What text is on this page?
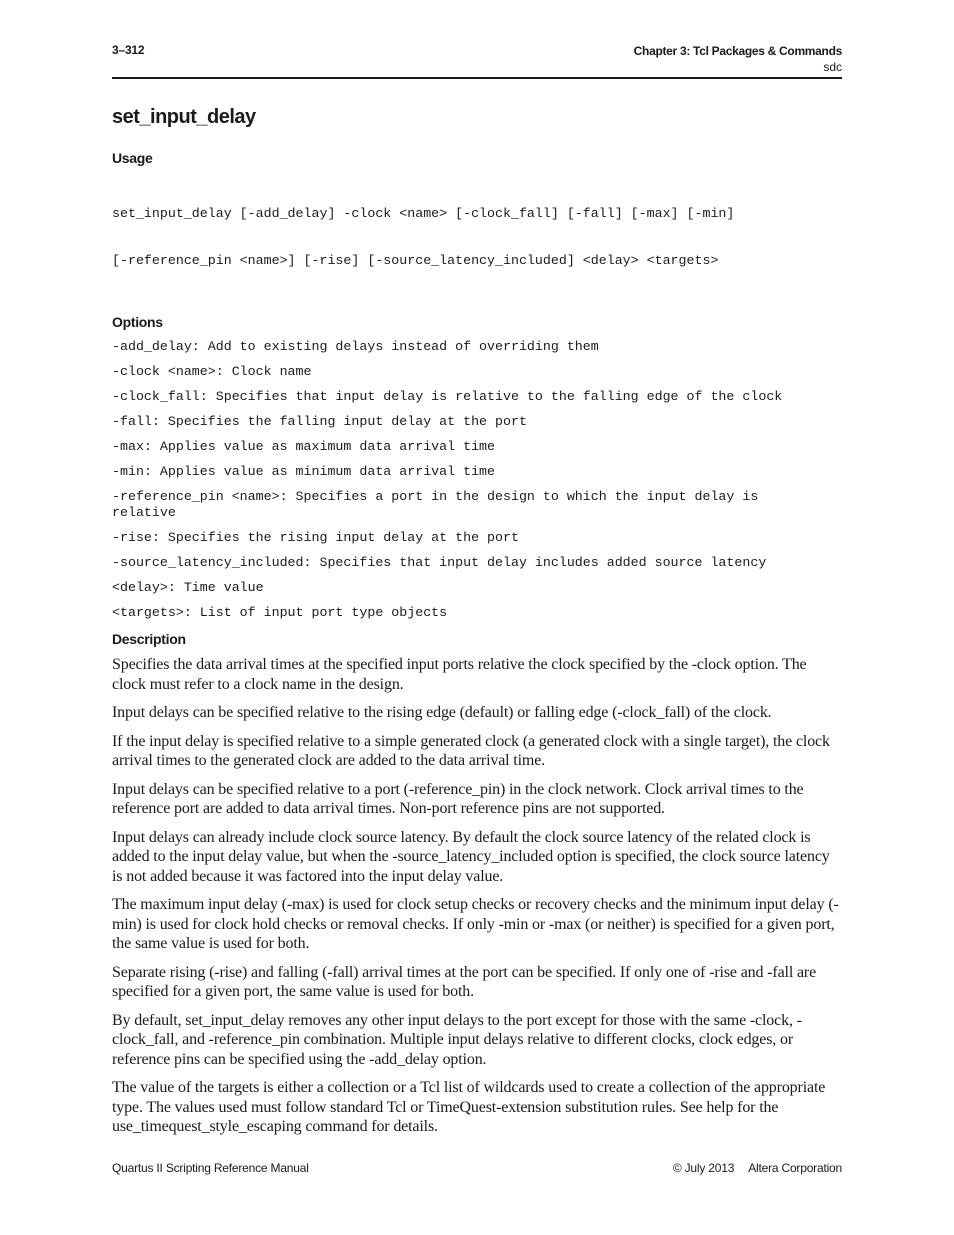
3–312	Chapter 3: Tcl Packages & Commands
sdc
set_input_delay
Usage

set_input_delay [-add_delay] -clock <name> [-clock_fall] [-fall] [-max] [-min]

[-reference_pin <name>] [-rise] [-source_latency_included] <delay> <targets>

Options
-add_delay: Add to existing delays instead of overriding them
-clock <name>: Clock name
-clock_fall: Specifies that input delay is relative to the falling edge of the clock
-fall: Specifies the falling input delay at the port
-max: Applies value as maximum data arrival time
-min: Applies value as minimum data arrival time
-reference_pin <name>: Specifies a port in the design to which the input delay is
relative
-rise: Specifies the rising input delay at the port
-source_latency_included: Specifies that input delay includes added source latency
<delay>: Time value
<targets>: List of input port type objects
Description

Specifies the data arrival times at the specified input ports relative the clock specified by the -clock option. The clock must refer to a clock name in the design.

Input delays can be specified relative to the rising edge (default) or falling edge (-clock_fall) of the clock.

If the input delay is specified relative to a simple generated clock (a generated clock with a single target), the clock arrival times to the generated clock are added to the data arrival time.

Input delays can be specified relative to a port (-reference_pin) in the clock network. Clock arrival times to the reference port are added to data arrival times. Non-port reference pins are not supported.

Input delays can already include clock source latency. By default the clock source latency of the related clock is added to the input delay value, but when the -source_latency_included option is specified, the clock source latency is not added because it was factored into the input delay value.

The maximum input delay (-max) is used for clock setup checks or recovery checks and the minimum input delay (-min) is used for clock hold checks or removal checks. If only -min or -max (or neither) is specified for a given port, the same value is used for both.

Separate rising (-rise) and falling (-fall) arrival times at the port can be specified. If only one of -rise and -fall are specified for a given port, the same value is used for both.

By default, set_input_delay removes any other input delays to the port except for those with the same -clock, -clock_fall, and -reference_pin combination. Multiple input delays relative to different clocks, clock edges, or reference pins can be specified using the -add_delay option.

The value of the targets is either a collection or a Tcl list of wildcards used to create a collection of the appropriate type. The values used must follow standard Tcl or TimeQuest-extension substitution rules. See help for the use_timequest_style_escaping command for details.

Quartus II Scripting Reference Manual	© July 2013 Altera Corporation
